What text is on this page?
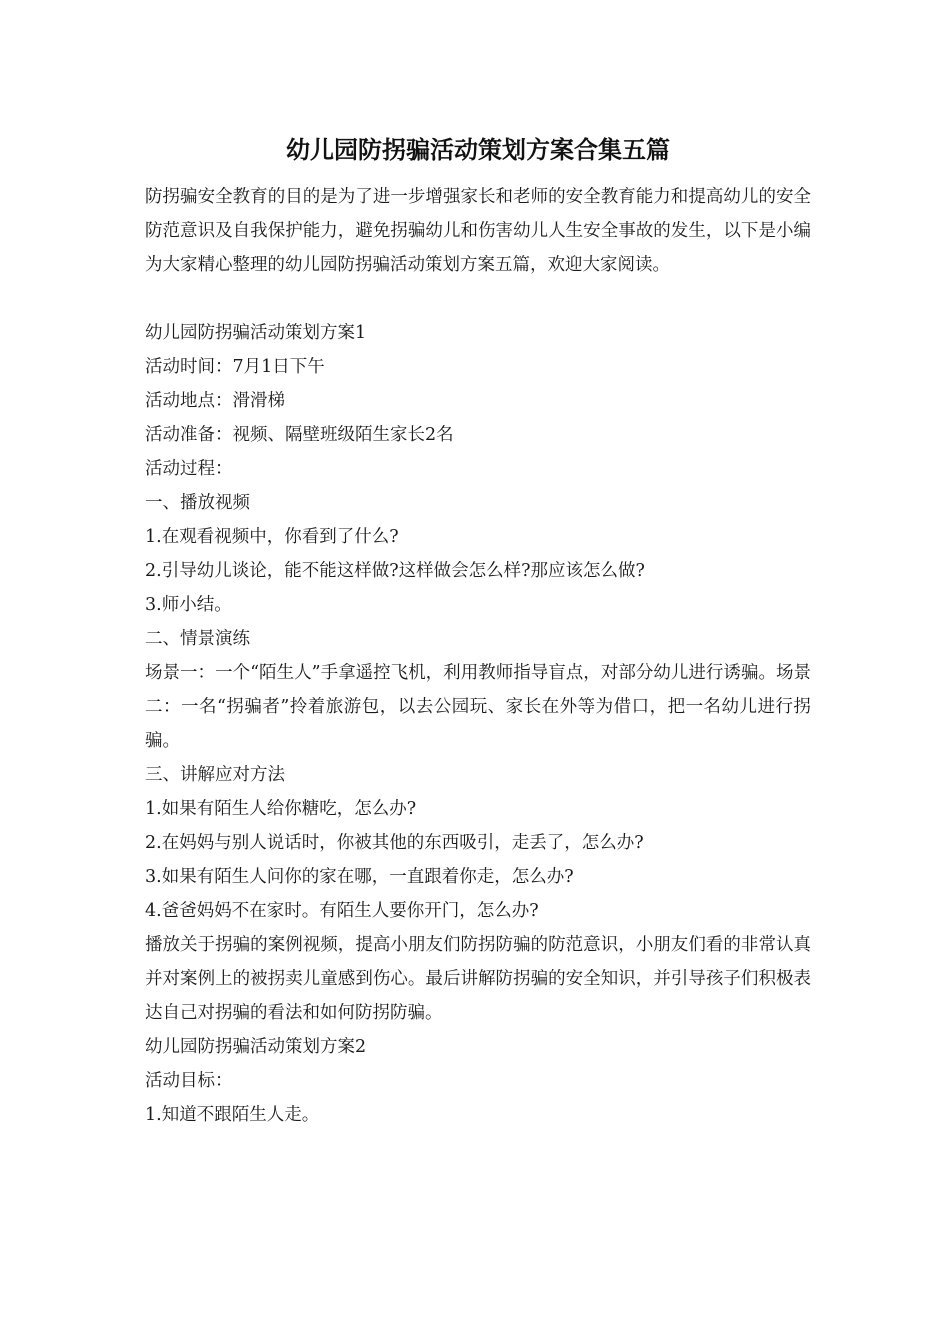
幼儿园防拐骗活动策划方案合集五篇

防拐骗安全教育的目的是为了进一步增强家长和老师的安全教育能力和提高幼儿的安全防范意识及自我保护能力，避免拐骗幼儿和伤害幼儿人生安全事故的发生，以下是小编为大家精心整理的幼儿园防拐骗活动策划方案五篇，欢迎大家阅读。

幼儿园防拐骗活动策划方案1

活动时间：7月1日下午

活动地点：滑滑梯

活动准备：视频、隔壁班级陌生家长2名

活动过程：

一、播放视频

1.在观看视频中，你看到了什么?

2.引导幼儿谈论，能不能这样做?这样做会怎么样?那应该怎么做?

3.师小结。

二、情景演练

场景一：一个“陌生人”手拿遥控飞机，利用教师指导盲点，对部分幼儿进行诱骗。场景二：一名“拐骗者”拎着旅游包，以去公园玩、家长在外等为借口，把一名幼儿进行拐骗。

三、讲解应对方法

1.如果有陌生人给你糖吃，怎么办?

2.在妈妈与别人说话时，你被其他的东西吸引，走丢了，怎么办?

3.如果有陌生人问你的家在哪，一直跟着你走，怎么办?

4.爸爸妈妈不在家时。有陌生人要你开门，怎么办?

播放关于拐骗的案例视频，提高小朋友们防拐防骗的防范意识，小朋友们看的非常认真并对案例上的被拐卖儿童感到伤心。最后讲解防拐骗的安全知识，并引导孩子们积极表达自己对拐骗的看法和如何防拐防骗。

幼儿园防拐骗活动策划方案2

活动目标：

1.知道不跟陌生人走。
